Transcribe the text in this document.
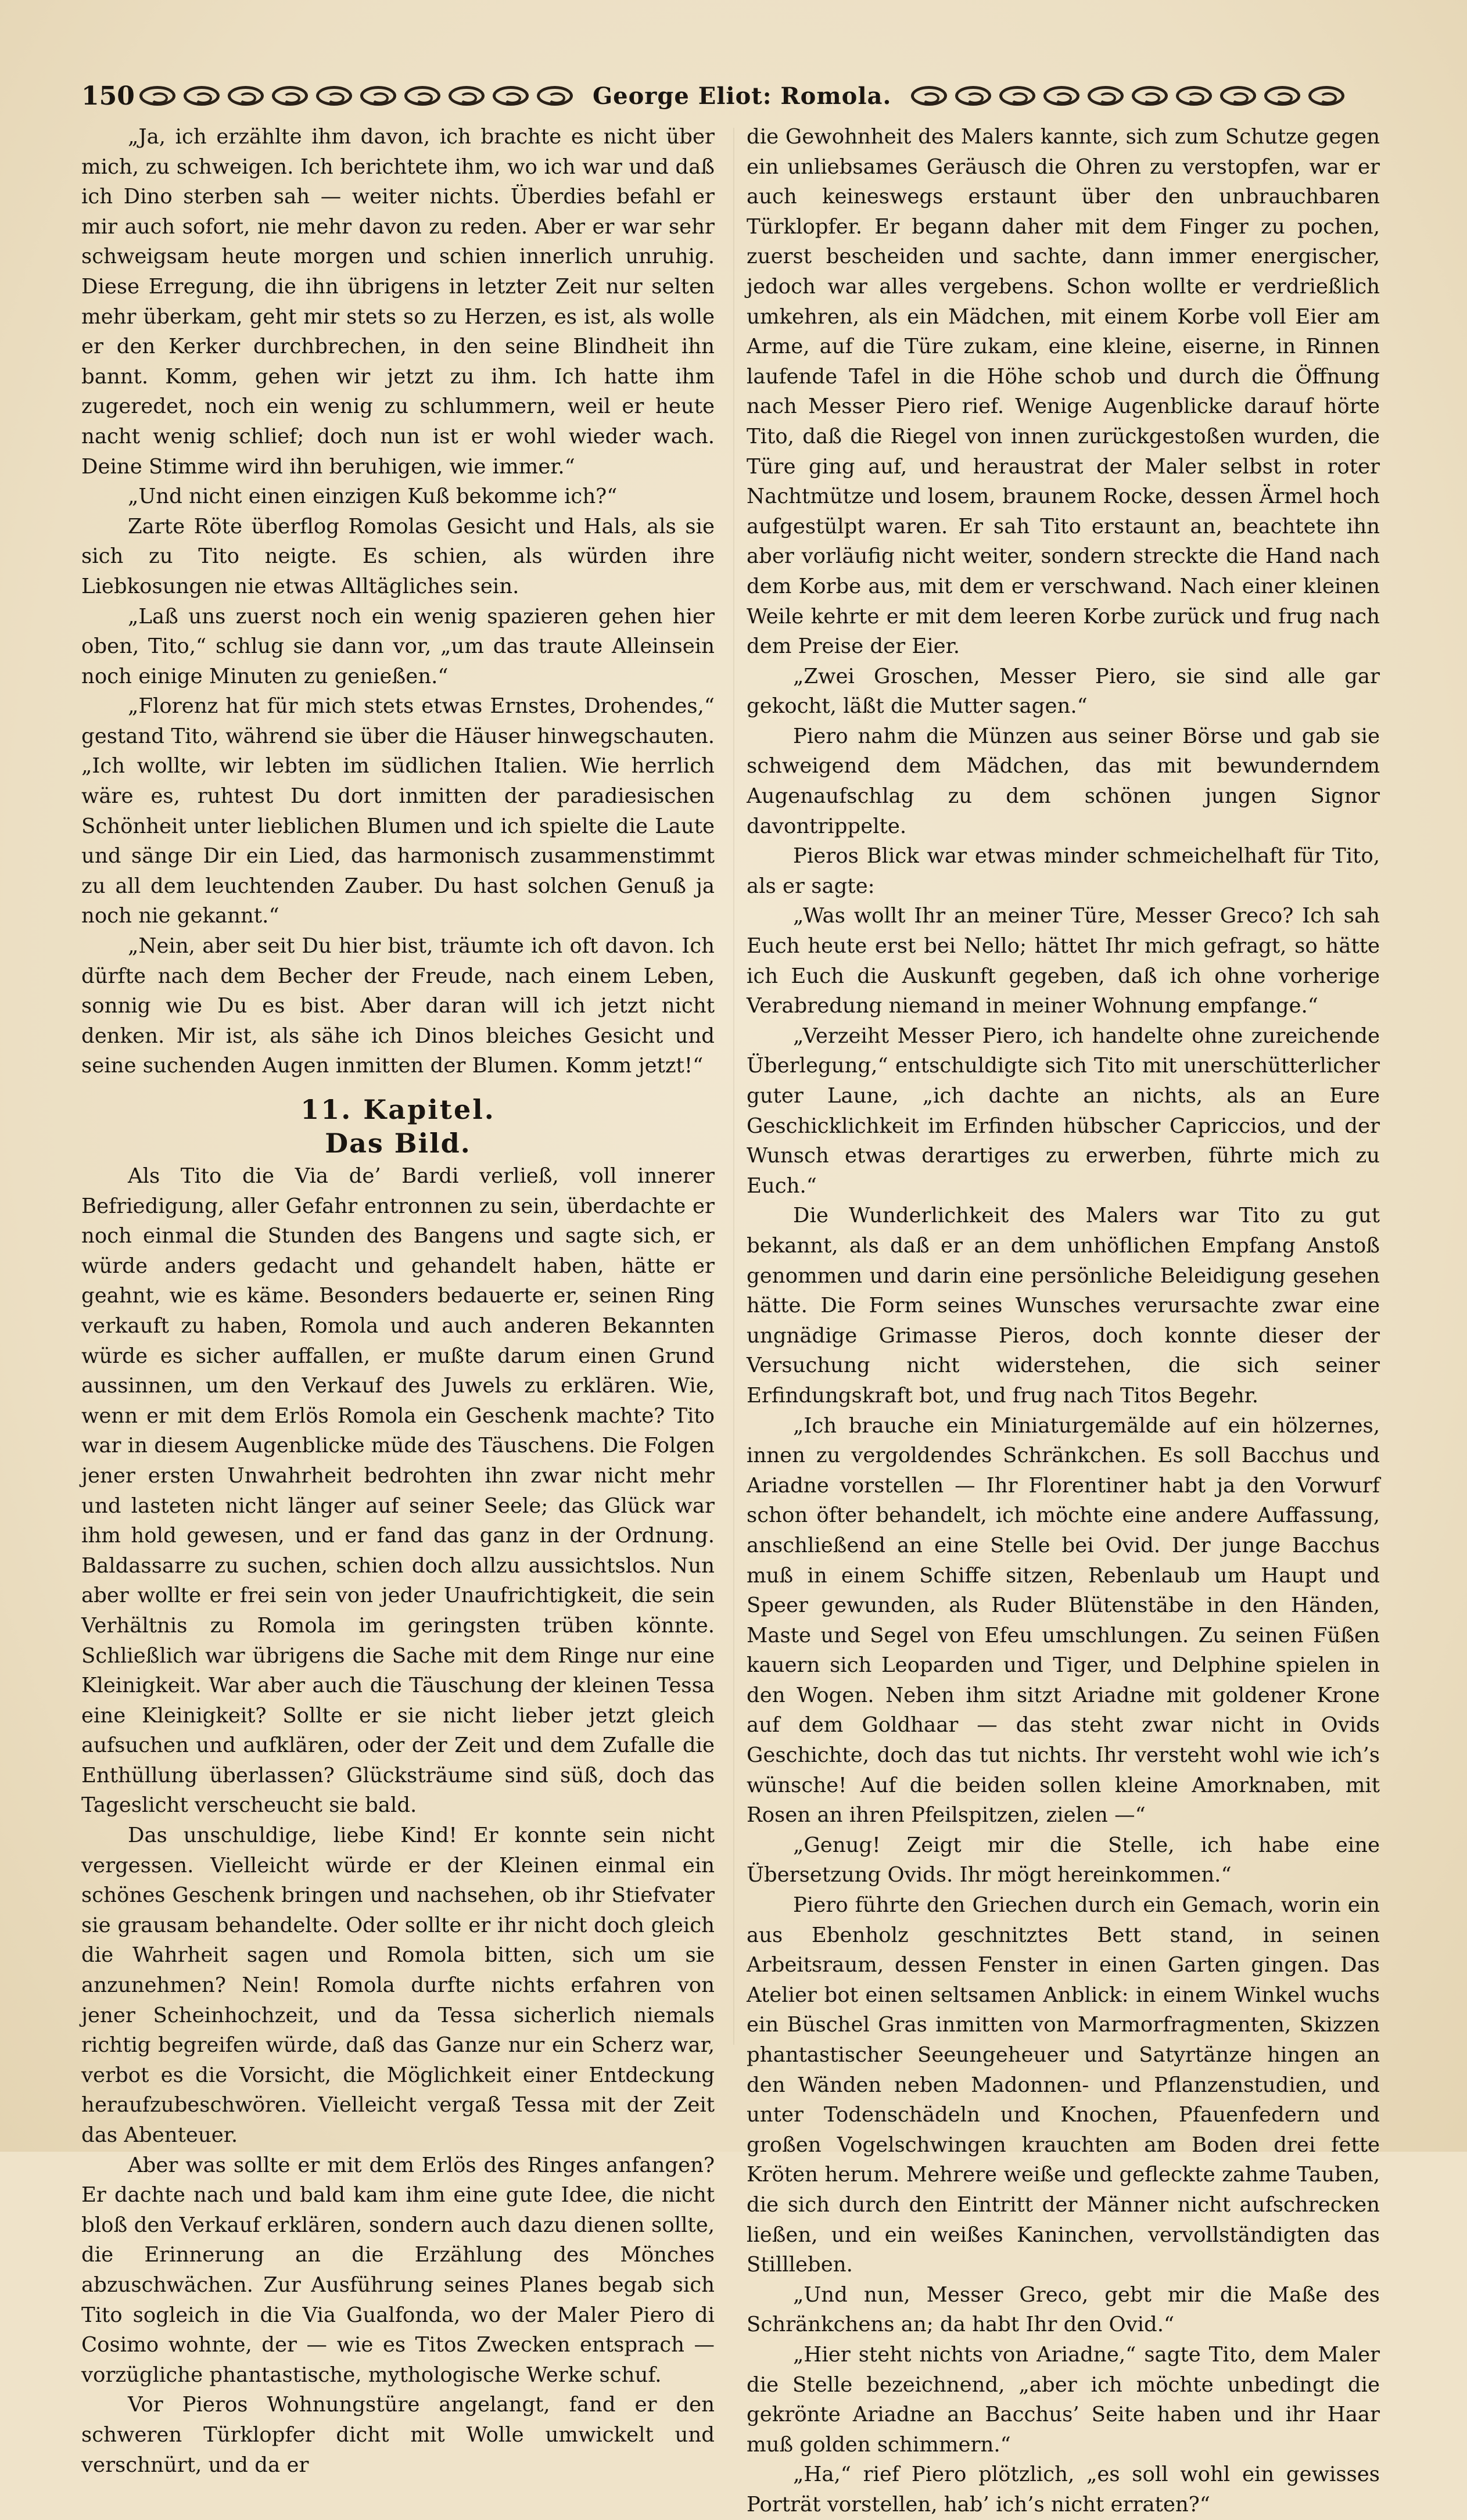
150	George Eliot: Romola.

„Ja, ich erzählte ihm davon, ich brachte es nicht über mich, zu schweigen. Ich berichtete ihm, wo ich war und daß ich Dino sterben sah — weiter nichts. Überdies befahl er mir auch sofort, nie mehr davon zu reden. Aber er war sehr schweigsam heute morgen und schien innerlich unruhig. Diese Erregung, die ihn übrigens in letzter Zeit nur selten mehr überkam, geht mir stets so zu Herzen, es ist, als wolle er den Kerker durchbrechen, in den seine Blindheit ihn bannt. Komm, gehen wir jetzt zu ihm. Ich hatte ihm zugeredet, noch ein wenig zu schlummern, weil er heute nacht wenig schlief; doch nun ist er wohl wieder wach. Deine Stimme wird ihn beruhigen, wie immer.“

„Und nicht einen einzigen Kuß bekomme ich?“

Zarte Röte überflog Romolas Gesicht und Hals, als sie sich zu Tito neigte. Es schien, als würden ihre Liebkosungen nie etwas Alltägliches sein.

„Laß uns zuerst noch ein wenig spazieren gehen hier oben, Tito,“ schlug sie dann vor, „um das traute Alleinsein noch einige Minuten zu genießen.“

„Florenz hat für mich stets etwas Ernstes, Drohendes,“ gestand Tito, während sie über die Häuser hinwegschauten. „Ich wollte, wir lebten im südlichen Italien. Wie herrlich wäre es, ruhtest Du dort inmitten der paradiesischen Schönheit unter lieblichen Blumen und ich spielte die Laute und sänge Dir ein Lied, das harmonisch zusammenstimmt zu all dem leuchtenden Zauber. Du hast solchen Genuß ja noch nie gekannt.“

„Nein, aber seit Du hier bist, träumte ich oft davon. Ich dürfte nach dem Becher der Freude, nach einem Leben, sonnig wie Du es bist. Aber daran will ich jetzt nicht denken. Mir ist, als sähe ich Dinos bleiches Gesicht und seine suchenden Augen inmitten der Blumen. Komm jetzt!“

11. Kapitel.
Das Bild.

Als Tito die Via de’ Bardi verließ, voll innerer Befriedigung, aller Gefahr entronnen zu sein, überdachte er noch einmal die Stunden des Bangens und sagte sich, er würde anders gedacht und gehandelt haben, hätte er geahnt, wie es käme. Besonders bedauerte er, seinen Ring verkauft zu haben, Romola und auch anderen Bekannten würde es sicher auffallen, er mußte darum einen Grund aussinnen, um den Verkauf des Juwels zu erklären. Wie, wenn er mit dem Erlös Romola ein Geschenk machte? Tito war in diesem Augenblicke müde des Täuschens. Die Folgen jener ersten Unwahrheit bedrohten ihn zwar nicht mehr und lasteten nicht länger auf seiner Seele; das Glück war ihm hold gewesen, und er fand das ganz in der Ordnung. Baldassarre zu suchen, schien doch allzu aussichtslos. Nun aber wollte er frei sein von jeder Unaufrichtigkeit, die sein Verhältnis zu Romola im geringsten trüben könnte. Schließlich war übrigens die Sache mit dem Ringe nur eine Kleinigkeit. War aber auch die Täuschung der kleinen Tessa eine Kleinigkeit? Sollte er sie nicht lieber jetzt gleich aufsuchen und aufklären, oder der Zeit und dem Zufalle die Enthüllung überlassen? Glücksträume sind süß, doch das Tageslicht verscheucht sie bald.

Das unschuldige, liebe Kind! Er konnte sein nicht vergessen. Vielleicht würde er der Kleinen einmal ein schönes Geschenk bringen und nachsehen, ob ihr Stiefvater sie grausam behandelte. Oder sollte er ihr nicht doch gleich die Wahrheit sagen und Romola bitten, sich um sie anzunehmen? Nein! Romola durfte nichts erfahren von jener Scheinhochzeit, und da Tessa sicherlich niemals richtig begreifen würde, daß das Ganze nur ein Scherz war, verbot es die Vorsicht, die Möglichkeit einer Entdeckung heraufzubeschwören. Vielleicht vergaß Tessa mit der Zeit das Abenteuer.

Aber was sollte er mit dem Erlös des Ringes anfangen? Er dachte nach und bald kam ihm eine gute Idee, die nicht bloß den Verkauf erklären, sondern auch dazu dienen sollte, die Erinnerung an die Erzählung des Mönches abzuschwächen. Zur Ausführung seines Planes begab sich Tito sogleich in die Via Gualfonda, wo der Maler Piero di Cosimo wohnte, der — wie es Titos Zwecken entsprach — vorzügliche phantastische, mythologische Werke schuf.

Vor Pieros Wohnungstüre angelangt, fand er den schweren Türklopfer dicht mit Wolle umwickelt und verschnürt, und da er

die Gewohnheit des Malers kannte, sich zum Schutze gegen ein unliebsames Geräusch die Ohren zu verstopfen, war er auch keineswegs erstaunt über den unbrauchbaren Türklopfer. Er begann daher mit dem Finger zu pochen, zuerst bescheiden und sachte, dann immer energischer, jedoch war alles vergebens. Schon wollte er verdrießlich umkehren, als ein Mädchen, mit einem Korbe voll Eier am Arme, auf die Türe zukam, eine kleine, eiserne, in Rinnen laufende Tafel in die Höhe schob und durch die Öffnung nach Messer Piero rief. Wenige Augenblicke darauf hörte Tito, daß die Riegel von innen zurückgestoßen wurden, die Türe ging auf, und heraustrat der Maler selbst in roter Nachtmütze und losem, braunem Rocke, dessen Ärmel hoch aufgestülpt waren. Er sah Tito erstaunt an, beachtete ihn aber vorläufig nicht weiter, sondern streckte die Hand nach dem Korbe aus, mit dem er verschwand. Nach einer kleinen Weile kehrte er mit dem leeren Korbe zurück und frug nach dem Preise der Eier.

„Zwei Groschen, Messer Piero, sie sind alle gar gekocht, läßt die Mutter sagen.“

Piero nahm die Münzen aus seiner Börse und gab sie schweigend dem Mädchen, das mit bewunderndem Augenaufschlag zu dem schönen jungen Signor davontrippelte.

Pieros Blick war etwas minder schmeichelhaft für Tito, als er sagte:

„Was wollt Ihr an meiner Türe, Messer Greco? Ich sah Euch heute erst bei Nello; hättet Ihr mich gefragt, so hätte ich Euch die Auskunft gegeben, daß ich ohne vorherige Verabredung niemand in meiner Wohnung empfange.“

„Verzeiht Messer Piero, ich handelte ohne zureichende Überlegung,“ entschuldigte sich Tito mit unerschütterlicher guter Laune, „ich dachte an nichts, als an Eure Geschicklichkeit im Erfinden hübscher Capriccios, und der Wunsch etwas derartiges zu erwerben, führte mich zu Euch.“

Die Wunderlichkeit des Malers war Tito zu gut bekannt, als daß er an dem unhöflichen Empfang Anstoß genommen und darin eine persönliche Beleidigung gesehen hätte. Die Form seines Wunsches verursachte zwar eine ungnädige Grimasse Pieros, doch konnte dieser der Versuchung nicht widerstehen, die sich seiner Erfindungskraft bot, und frug nach Titos Begehr.

„Ich brauche ein Miniaturgemälde auf ein hölzernes, innen zu vergoldendes Schränkchen. Es soll Bacchus und Ariadne vorstellen — Ihr Florentiner habt ja den Vorwurf schon öfter behandelt, ich möchte eine andere Auffassung, anschließend an eine Stelle bei Ovid. Der junge Bacchus muß in einem Schiffe sitzen, Rebenlaub um Haupt und Speer gewunden, als Ruder Blütenstäbe in den Händen, Maste und Segel von Efeu umschlungen. Zu seinen Füßen kauern sich Leoparden und Tiger, und Delphine spielen in den Wogen. Neben ihm sitzt Ariadne mit goldener Krone auf dem Goldhaar — das steht zwar nicht in Ovids Geschichte, doch das tut nichts. Ihr versteht wohl wie ich’s wünsche! Auf die beiden sollen kleine Amorknaben, mit Rosen an ihren Pfeilspitzen, zielen —“

„Genug! Zeigt mir die Stelle, ich habe eine Übersetzung Ovids. Ihr mögt hereinkommen.“

Piero führte den Griechen durch ein Gemach, worin ein aus Ebenholz geschnitztes Bett stand, in seinen Arbeitsraum, dessen Fenster in einen Garten gingen. Das Atelier bot einen seltsamen Anblick: in einem Winkel wuchs ein Büschel Gras inmitten von Marmorfragmenten, Skizzen phantastischer Seeungeheuer und Satyrtänze hingen an den Wänden neben Madonnen- und Pflanzenstudien, und unter Todenschädeln und Knochen, Pfauenfedern und großen Vogelschwingen krauchten am Boden drei fette Kröten herum. Mehrere weiße und gefleckte zahme Tauben, die sich durch den Eintritt der Männer nicht aufschrecken ließen, und ein weißes Kaninchen, vervollständigten das Stillleben.

„Und nun, Messer Greco, gebt mir die Maße des Schränkchens an; da habt Ihr den Ovid.“

„Hier steht nichts von Ariadne,“ sagte Tito, dem Maler die Stelle bezeichnend, „aber ich möchte unbedingt die gekrönte Ariadne an Bacchus’ Seite haben und ihr Haar muß golden schimmern.“

„Ha,“ rief Piero plötzlich, „es soll wohl ein gewisses Porträt vorstellen, hab’ ich’s nicht erraten?“
